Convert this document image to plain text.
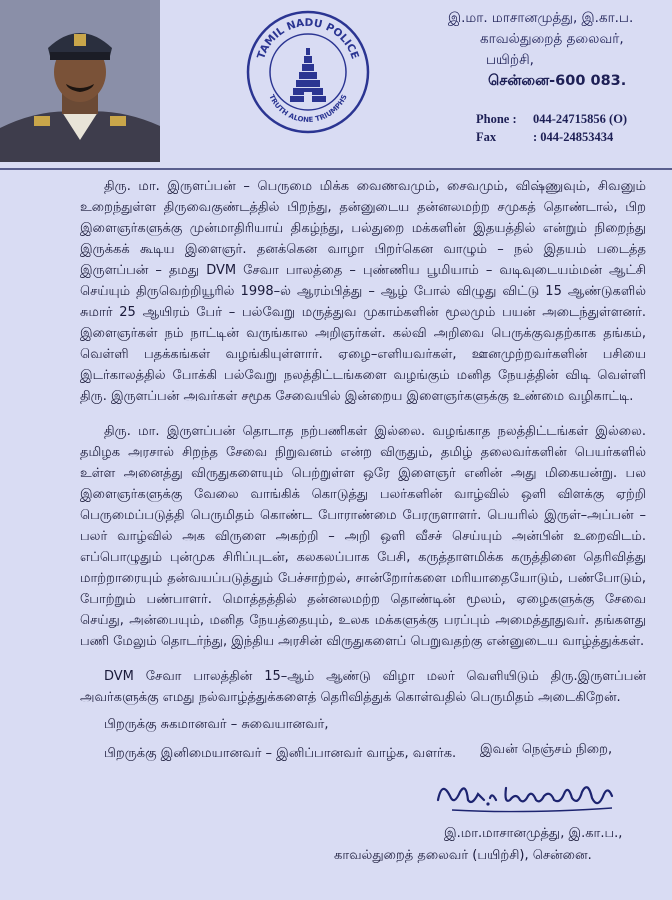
TAMIL NADU POLICE
TRUTH ALONE TRIUMPHS
இ.மா. மாசானமுத்து, இ.கா.ப.
காவல்துறைத் தலைவர்,
பயிற்சி,
சென்னை-600 083.
Phone :	044-24715856 (O)
Fax	: 044-24853434

திரு. மா. இருளப்பன் – பெருமை மிக்க வைணவமும், சைவமும், விஷ்ணுவும், சிவனும் உறைந்துள்ள திருவைகுண்டத்தில் பிறந்து, தன்னுடைய தன்னலமற்ற சமுகத் தொண்டால், பிற இளைஞர்களுக்கு முன்மாதிரியாய் திகழ்ந்து, பல்துறை மக்களின் இதயத்தில் என்றும் நிறைந்து இருக்கக் கூடிய இளைஞர். தனக்கென வாழா பிறர்கென வாழும் – நல் இதயம் படைத்த இருளப்பன் – தமது DVM சேவா பாலத்தை – புண்ணிய பூமியாம் – வடிவுடையம்மன் ஆட்சி செய்யும் திருவெற்றியூரில் 1998–ல் ஆரம்பித்து – ஆழ் போல் விழுது விட்டு 15 ஆண்டுகளில் சுமார் 25 ஆயிரம் பேர் – பல்வேறு மருத்துவ முகாம்களின் மூலமும் பயன் அடைந்துள்ளனர். இளைஞர்கள் நம் நாட்டின் வருங்கால அறிஞர்கள். கல்வி அறிவை பெருக்குவதற்காக தங்கம், வெள்ளி பதக்கங்கள் வழங்கியுள்ளார். ஏழை–எளியவர்கள், ஊனமுற்றவர்களின் பசியை இடர்காலத்தில் போக்கி பல்வேறு நலத்திட்டங்களை வழங்கும் மனித நேயத்தின் விடி வெள்ளி திரு. இருளப்பன் அவர்கள் சமூக சேவையில் இன்றைய இளைஞர்களுக்கு உண்மை வழிகாட்டி.

திரு. மா. இருளப்பன் தொடாத நற்பணிகள் இல்லை. வழங்காத நலத்திட்டங்கள் இல்லை. தமிழக அரசால் சிறந்த சேவை நிறுவனம் என்ற விருதும், தமிழ் தலைவர்களின் பெயர்களில் உள்ள அனைத்து விருதுகளையும் பெற்றுள்ள ஒரே இளைஞர் எனின் அது மிகையன்று. பல இளைஞர்களுக்கு வேலை வாங்கிக் கொடுத்து பலர்களின் வாழ்வில் ஒளி விளக்கு ஏற்றி பெருமைப்படுத்தி பெருமிதம் கொண்ட போராண்மை பேரருளாளர். பெயரில் இருள்–அப்பன் – பலர் வாழ்வில் அக விருளை அகற்றி – அறி ஒளி வீசச் செய்யும் அன்பின் உறைவிடம். எப்பொழுதும் புன்முக சிரிப்புடன், கலகலப்பாக பேசி, கருத்தாளமிக்க கருத்தினை தெரிவித்து மாற்றாரையும் தன்வயப்படுத்தும் பேச்சாற்றல், சான்றோர்களை மரியாதையோடும், பண்போடும், போற்றும் பண்பாளர். மொத்தத்தில் தன்னலமற்ற தொண்டின் மூலம், ஏழைகளுக்கு சேவை செய்து, அன்பையும், மனித நேயத்தையும், உலக மக்களுக்கு பரப்பும் அமைத்தூதுவர். தங்களது பணி மேலும் தொடர்ந்து, இந்திய அரசின் விருதுகளைப் பெறுவதற்கு என்னுடைய வாழ்த்துக்கள்.

DVM சேவா பாலத்தின் 15–ஆம் ஆண்டு விழா மலர் வெளியிடும் திரு.இருளப்பன் அவர்களுக்கு எமது நல்வாழ்த்துக்களைத் தெரிவித்துக் கொள்வதில் பெருமிதம் அடைகிறேன்.

பிறருக்கு சுகமானவர் – சுவையானவர்,
பிறருக்கு இனிமையானவர் – இனிப்பானவர் வாழ்க, வளர்க.	இவன் நெஞ்சம் நிறை,
இ.மா.மாசானமுத்து, இ.கா.ப.,
காவல்துறைத் தலைவர் (பயிற்சி), சென்னை.
